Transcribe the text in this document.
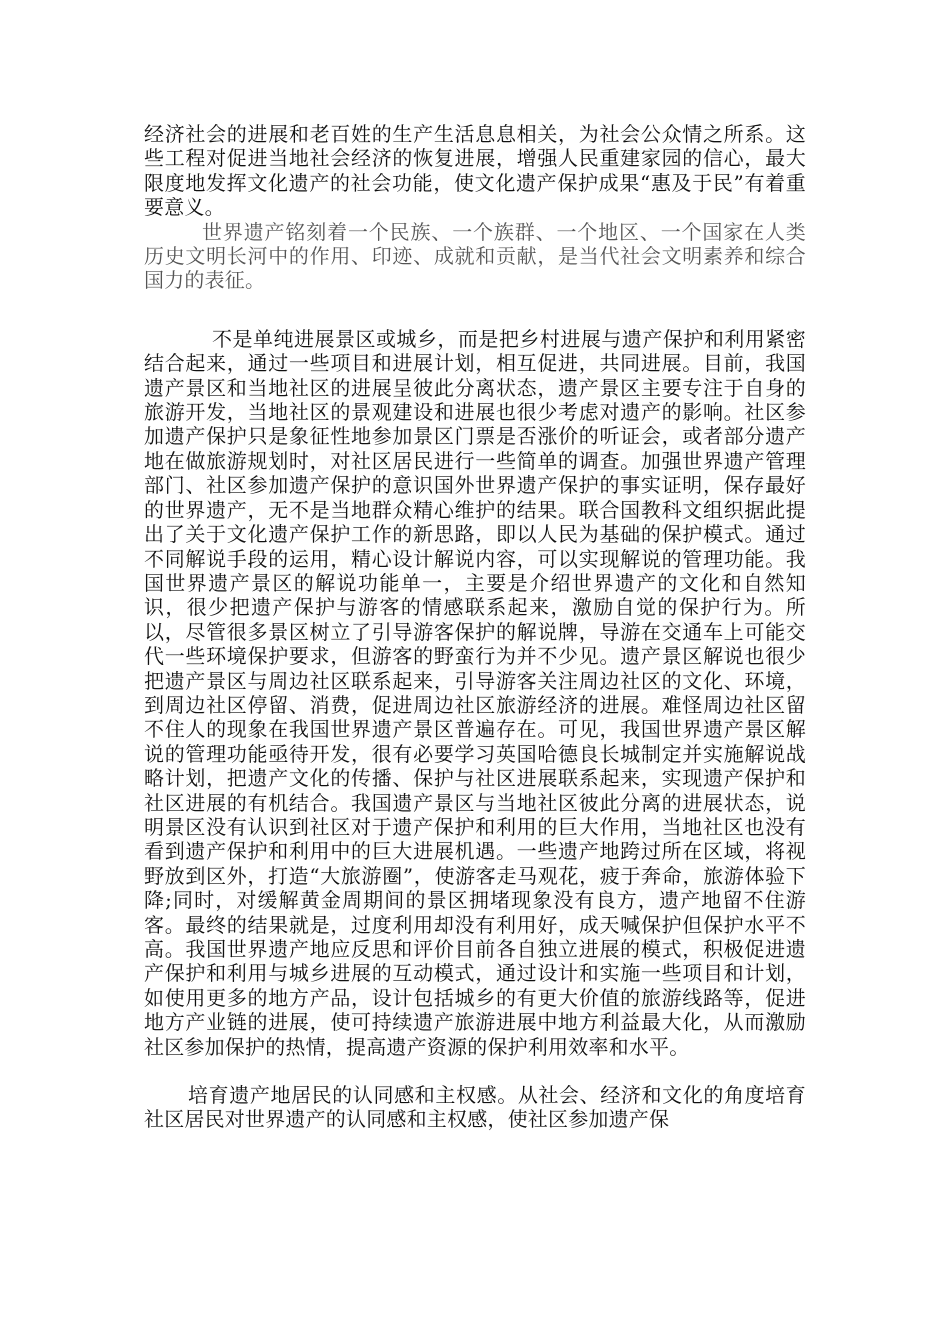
经济社会的进展和老百姓的生产生活息息相关，为社会公众情之所系。这些工程对促进当地社会经济的恢复进展，增强人民重建家园的信心，最大限度地发挥文化遗产的社会功能，使文化遗产保护成果“惠及于民”有着重要意义。

世界遗产铭刻着一个民族、一个族群、一个地区、一个国家在人类历史文明长河中的作用、印迹、成就和贡献，是当代社会文明素养和综合国力的表征。

不是单纯进展景区或城乡，而是把乡村进展与遗产保护和利用紧密结合起来，通过一些项目和进展计划，相互促进，共同进展。目前，我国遗产景区和当地社区的进展呈彼此分离状态，遗产景区主要专注于自身的旅游开发，当地社区的景观建设和进展也很少考虑对遗产的影响。社区参加遗产保护只是象征性地参加景区门票是否涨价的听证会，或者部分遗产地在做旅游规划时，对社区居民进行一些简单的调查。加强世界遗产管理部门、社区参加遗产保护的意识国外世界遗产保护的事实证明，保存最好的世界遗产，无不是当地群众精心维护的结果。联合国教科文组织据此提出了关于文化遗产保护工作的新思路，即以人民为基础的保护模式。通过不同解说手段的运用，精心设计解说内容，可以实现解说的管理功能。我国世界遗产景区的解说功能单一，主要是介绍世界遗产的文化和自然知识，很少把遗产保护与游客的情感联系起来，激励自觉的保护行为。所以，尽管很多景区树立了引导游客保护的解说牌，导游在交通车上可能交代一些环境保护要求，但游客的野蛮行为并不少见。遗产景区解说也很少把遗产景区与周边社区联系起来，引导游客关注周边社区的文化、环境，到周边社区停留、消费，促进周边社区旅游经济的进展。难怪周边社区留不住人的现象在我国世界遗产景区普遍存在。可见，我国世界遗产景区解说的管理功能亟待开发，很有必要学习英国哈德良长城制定并实施解说战略计划，把遗产文化的传播、保护与社区进展联系起来，实现遗产保护和社区进展的有机结合。我国遗产景区与当地社区彼此分离的进展状态，说明景区没有认识到社区对于遗产保护和利用的巨大作用，当地社区也没有看到遗产保护和利用中的巨大进展机遇。一些遗产地跨过所在区域，将视野放到区外，打造“大旅游圈”，使游客走马观花，疲于奔命，旅游体验下降;同时，对缓解黄金周期间的景区拥堵现象没有良方，遗产地留不住游客。最终的结果就是，过度利用却没有利用好，成天喊保护但保护水平不高。我国世界遗产地应反思和评价目前各自独立进展的模式，积极促进遗产保护和利用与城乡进展的互动模式，通过设计和实施一些项目和计划，如使用更多的地方产品，设计包括城乡的有更大价值的旅游线路等，促进地方产业链的进展，使可持续遗产旅游进展中地方利益最大化，从而激励社区参加保护的热情，提高遗产资源的保护利用效率和水平。

培育遗产地居民的认同感和主权感。从社会、经济和文化的角度培育社区居民对世界遗产的认同感和主权感，使社区参加遗产保
